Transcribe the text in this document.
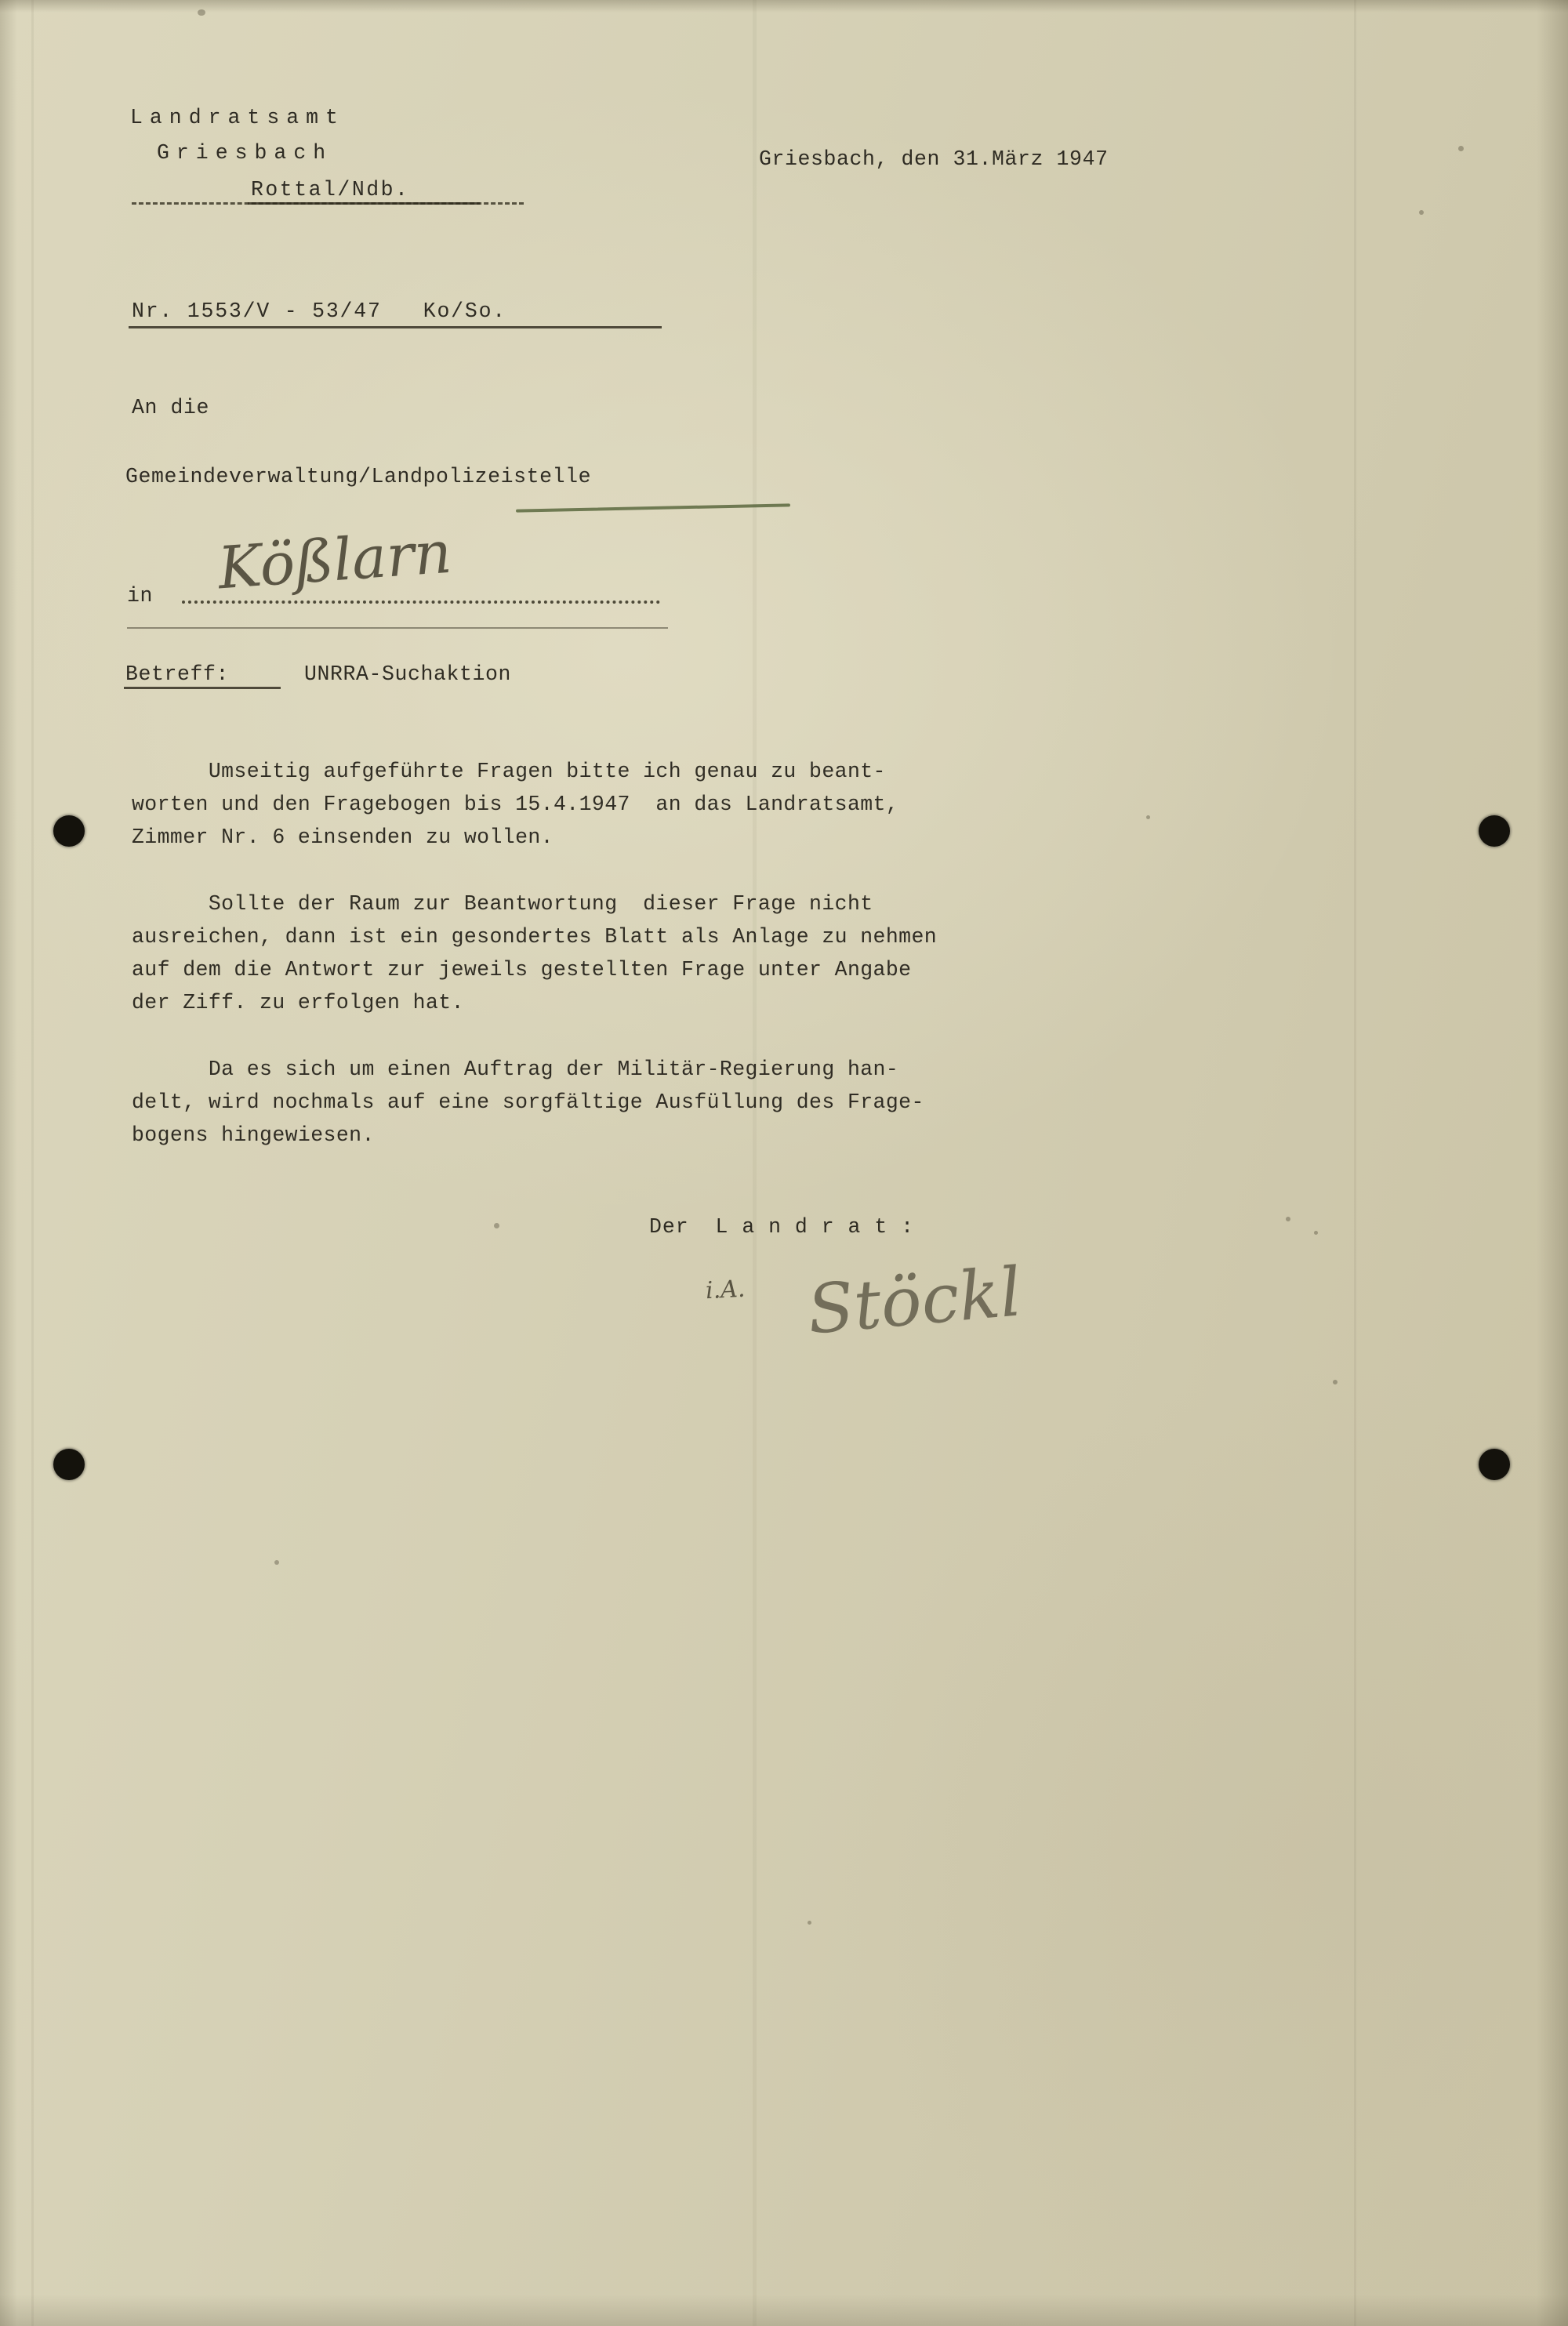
Landratsamt
Griesbach
Rottal/Ndb.
Griesbach, den 31.März 1947
Nr. 1553/V - 53/47   Ko/So.
An die
Gemeindeverwaltung/Landpolizeistelle
in Kößlarn
Betreff:	UNRRA-Suchaktion
Umseitig aufgeführte Fragen bitte ich genau zu beant-
worten und den Fragebogen bis 15.4.1947  an das Landratsamt,
Zimmer Nr. 6 einsenden zu wollen.
Sollte der Raum zur Beantwortung  dieser Frage nicht
ausreichen, dann ist ein gesondertes Blatt als Anlage zu nehmen
auf dem die Antwort zur jeweils gestellten Frage unter Angabe
der Ziff. zu erfolgen hat.
Da es sich um einen Auftrag der Militär-Regierung han-
delt, wird nochmals auf eine sorgfältige Ausfüllung des Frage-
bogens hingewiesen.
Der  L a n d r a t :
i.A. Stöckl
